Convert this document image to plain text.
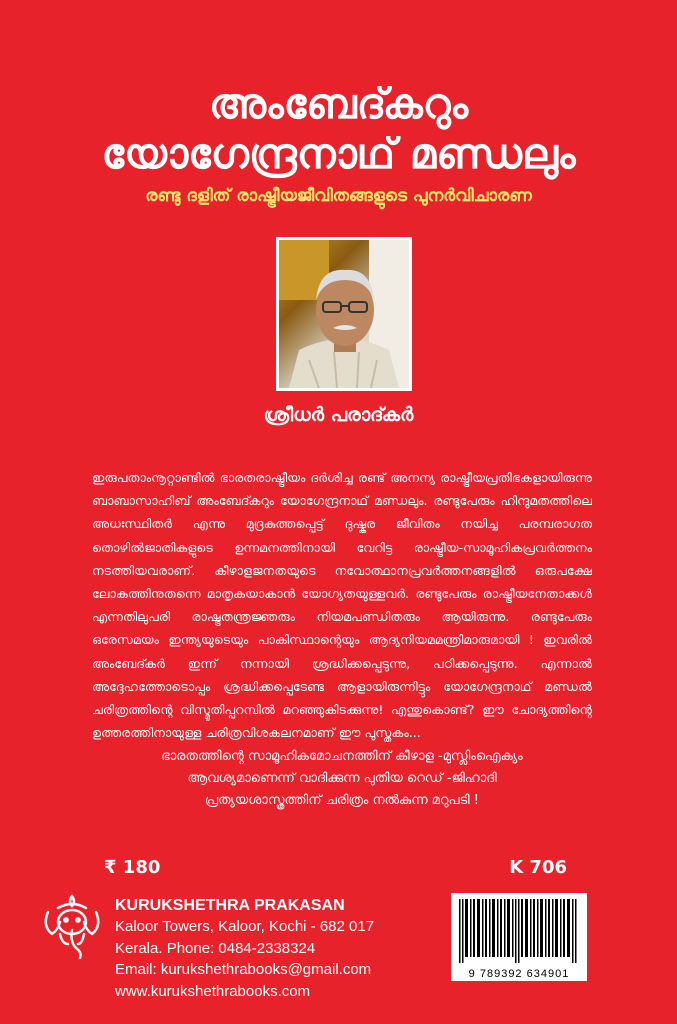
അംബേദ്കറും
യോഗേന്ദ്രനാഥ് മണ്ഡലും
രണ്ടു ദളിത് രാഷ്ട്രീയജീവിതങ്ങളുടെ പുനർവിചാരണ
ശ്രീധർ പരാദ്കർ
ഇരുപതാംനൂറ്റാണ്ടിൽ ഭാരതരാഷ്ട്രീയം ദർശിച്ച രണ്ട് അനന്യ രാഷ്ട്രീയപ്രതിഭകളായിരുന്നു ബാബാസാഹിബ് അംബേദ്കറും യോഗേന്ദ്രനാഥ് മണ്ഡലും. രണ്ടുപേരും ഹിന്ദുമതത്തിലെ അധഃസ്ഥിതർ എന്നു മുദ്രകുത്തപ്പെട്ട് ദുഷ്കര ജീവിതം നയിച്ച പരമ്പരാഗത തൊഴിൽജാതികളുടെ ഉന്നമനത്തിനായി വേറിട്ട രാഷ്ട്രീയ-സാമൂഹികപ്രവർത്തനം നടത്തിയവരാണ്. കീഴാളജനതയുടെ നവോത്ഥാനപ്രവർത്തനങ്ങളിൽ ഒരുപക്ഷേ ലോകത്തിനുതന്നെ മാതൃകയാകാൻ യോഗ്യതയുള്ളവർ. രണ്ടുപേരും രാഷ്ട്രീയനേതാക്കൾ എന്നതിലുപരി രാഷ്ട്രതന്ത്രജ്ഞരും നിയമപണ്ഡിതരും ആയിരുന്നു. രണ്ടുപേരും ഒരേസമയം ഇന്ത്യയുടെയും പാകിസ്ഥാന്റെയും ആദ്യനിയമമന്ത്രിമാരുമായി ! ഇവരിൽ അംബേദ്കർ ഇന്ന് നന്നായി ശ്രദ്ധിക്കപ്പെടുന്നു, പഠിക്കപ്പെടുന്നു. എന്നാൽ അദ്ദേഹത്തോടൊപ്പം ശ്രദ്ധിക്കപ്പെടേണ്ട ആളായിരുന്നിട്ടും യോഗേന്ദ്രനാഥ് മണ്ഡൽ ചരിത്രത്തിന്റെ വിസ്മൃതിപ്പറമ്പിൽ മറഞ്ഞുകിടക്കുന്നു! എന്തുകൊണ്ട്? ഈ ചോദ്യത്തിന്റെ ഉത്തരത്തിനായുള്ള ചരിത്രവിശകലനമാണ് ഈ പുസ്തകം...
ഭാരതത്തിന്റെ സാമൂഹികമോചനത്തിന് കീഴാള -മുസ്ലിംഐക്യം
ആവശ്യമാണെന്ന് വാദിക്കുന്ന പുതിയ റെഡ് -ജിഹാദി
പ്രത്യയശാസ്ത്രത്തിന് ചരിത്രം നൽകുന്ന മറുപടി !
₹ 180	K 706
KURUKSHETHRA PRAKASAN
Kaloor Towers, Kaloor, Kochi - 682 017
Kerala. Phone: 0484-2338324
Email: kurukshethrabooks@gmail.com
www.kurukshethrabooks.com
9 789392 634901
